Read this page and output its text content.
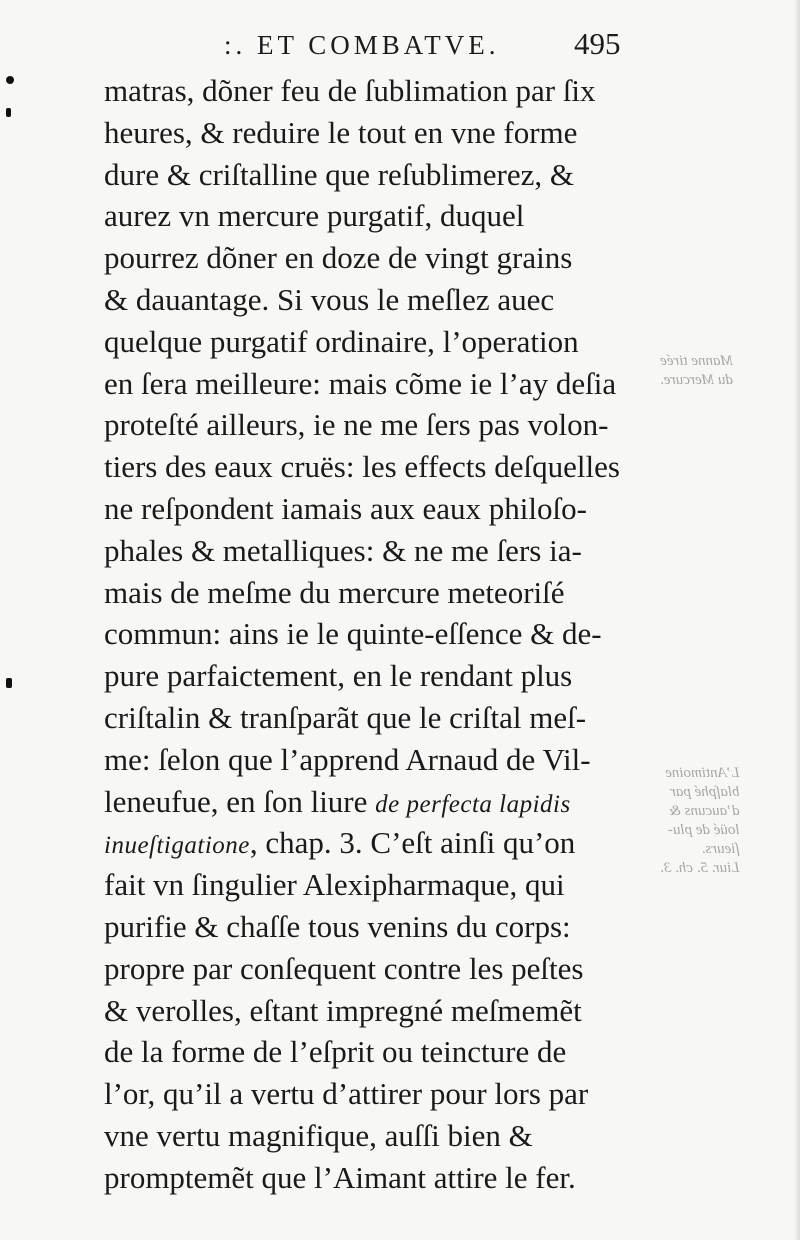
:. ET COMBATVE. 495
matras, dõner feu de ſublimation par ſix
heures, & reduire le tout en vne forme
dure & criſtalline que reſublimerez, &
aurez vn mercure purgatif, duquel
pourrez dõner en doze de vingt grains
& dauantage. Si vous le meſlez auec
quelque purgatif ordinaire, l’operation
en ſera meilleure: mais cõme ie l’ay deſia
proteſté ailleurs, ie ne me ſers pas volon-
tiers des eaux cruës: les effects deſquelles
ne reſpondent iamais aux eaux philoſo-
phales & metalliques: & ne me ſers ia-
mais de meſme du mercure meteoriſé
commun: ains ie le quinte-eſſence & de-
pure parfaictement, en le rendant plus
criſtalin & tranſparãt que le criſtal meſ-
me: ſelon que l’apprend Arnaud de Vil-
leneufue, en ſon liure de perfecta lapidis
inueſtigatione, chap. 3. C’eſt ainſi qu’on
fait vn ſingulier Alexipharmaque, qui
purifie & chaſſe tous venins du corps:
propre par conſequent contre les peſtes
& verolles, eſtant impregné meſmemẽt
de la forme de l’eſprit ou teincture de
l’or, qu’il a vertu d’attirer pour lors par
vne vertu magnifique, auſſi bien &
promptemẽt que l’Aimant attire le fer.
Manne tirée
du Mercure.
L’Antimoine
blaſphé par
d’aucuns &
loüé de plu-
ſieurs.
Liur. 5. ch. 3.
